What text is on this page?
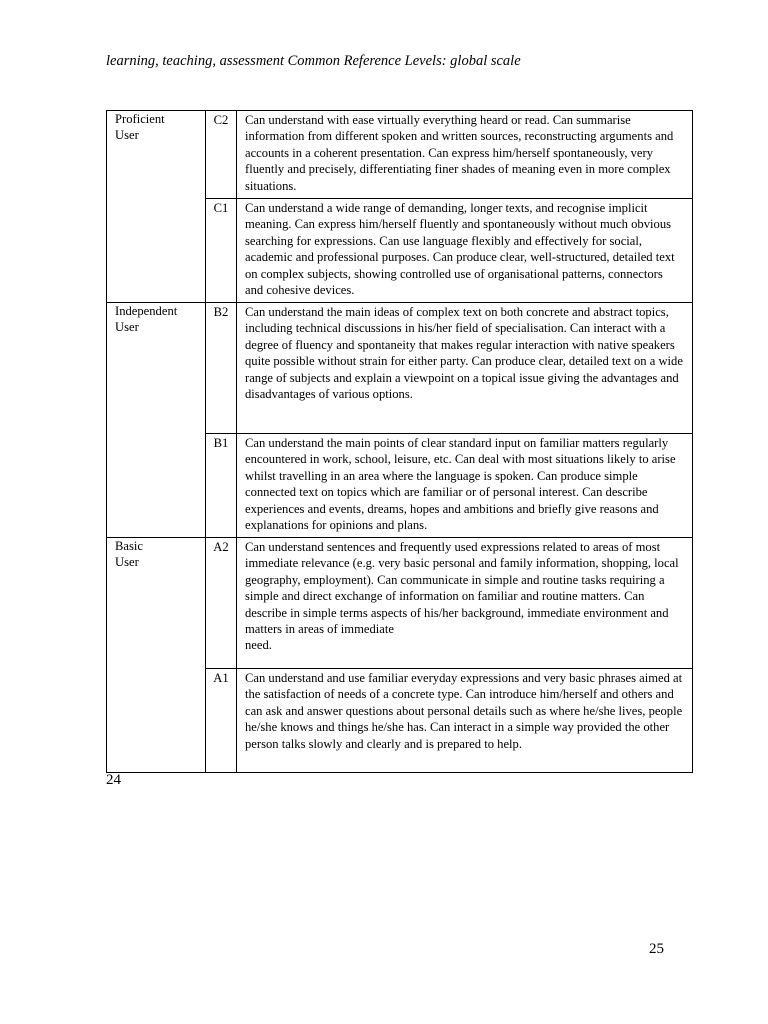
learning, teaching, assessment Common Reference Levels: global scale
Proficient
User	C2	Can understand with ease virtually everything heard or read. Can summarise information from different spoken and written sources, reconstructing arguments and accounts in a coherent presentation. Can express him/herself spontaneously, very fluently and precisely, differentiating finer shades of meaning even in more complex situations.
	C1	Can understand a wide range of demanding, longer texts, and recognise implicit meaning. Can express him/herself fluently and spontaneously without much obvious searching for expressions. Can use language flexibly and effectively for social, academic and professional purposes. Can produce clear, well-structured, detailed text on complex subjects, showing controlled use of organisational patterns, connectors and cohesive devices.

Independent
User	B2	Can understand the main ideas of complex text on both concrete and abstract topics, including technical discussions in his/her field of specialisation. Can interact with a degree of fluency and spontaneity that makes regular interaction with native speakers quite possible without strain for either party. Can produce clear, detailed text on a wide range of subjects and explain a viewpoint on a topical issue giving the advantages and
disadvantages of various options.

	B1	Can understand the main points of clear standard input on familiar matters regularly encountered in work, school, leisure, etc. Can deal with most situations likely to arise whilst travelling in an area where the language is spoken. Can produce simple connected text on topics which are familiar or of personal interest. Can describe experiences and events, dreams, hopes and ambitions and briefly give reasons and explanations for opinions and plans.

Basic
User	A2	Can understand sentences and frequently used expressions related to areas of most immediate relevance (e.g. very basic personal and family information, shopping, local geography, employment). Can communicate in simple and routine tasks requiring a simple and direct exchange of information on familiar and routine matters. Can describe in simple terms aspects of his/her background, immediate environment and matters in areas of immediate
need.

	A1	Can understand and use familiar everyday expressions and very basic phrases aimed at the satisfaction of needs of a concrete type. Can introduce him/herself and others and can ask and answer questions about personal details such as where he/she lives, people he/she knows and things he/she has. Can interact in a simple way provided the other person talks slowly and clearly and is prepared to help.
24
25
